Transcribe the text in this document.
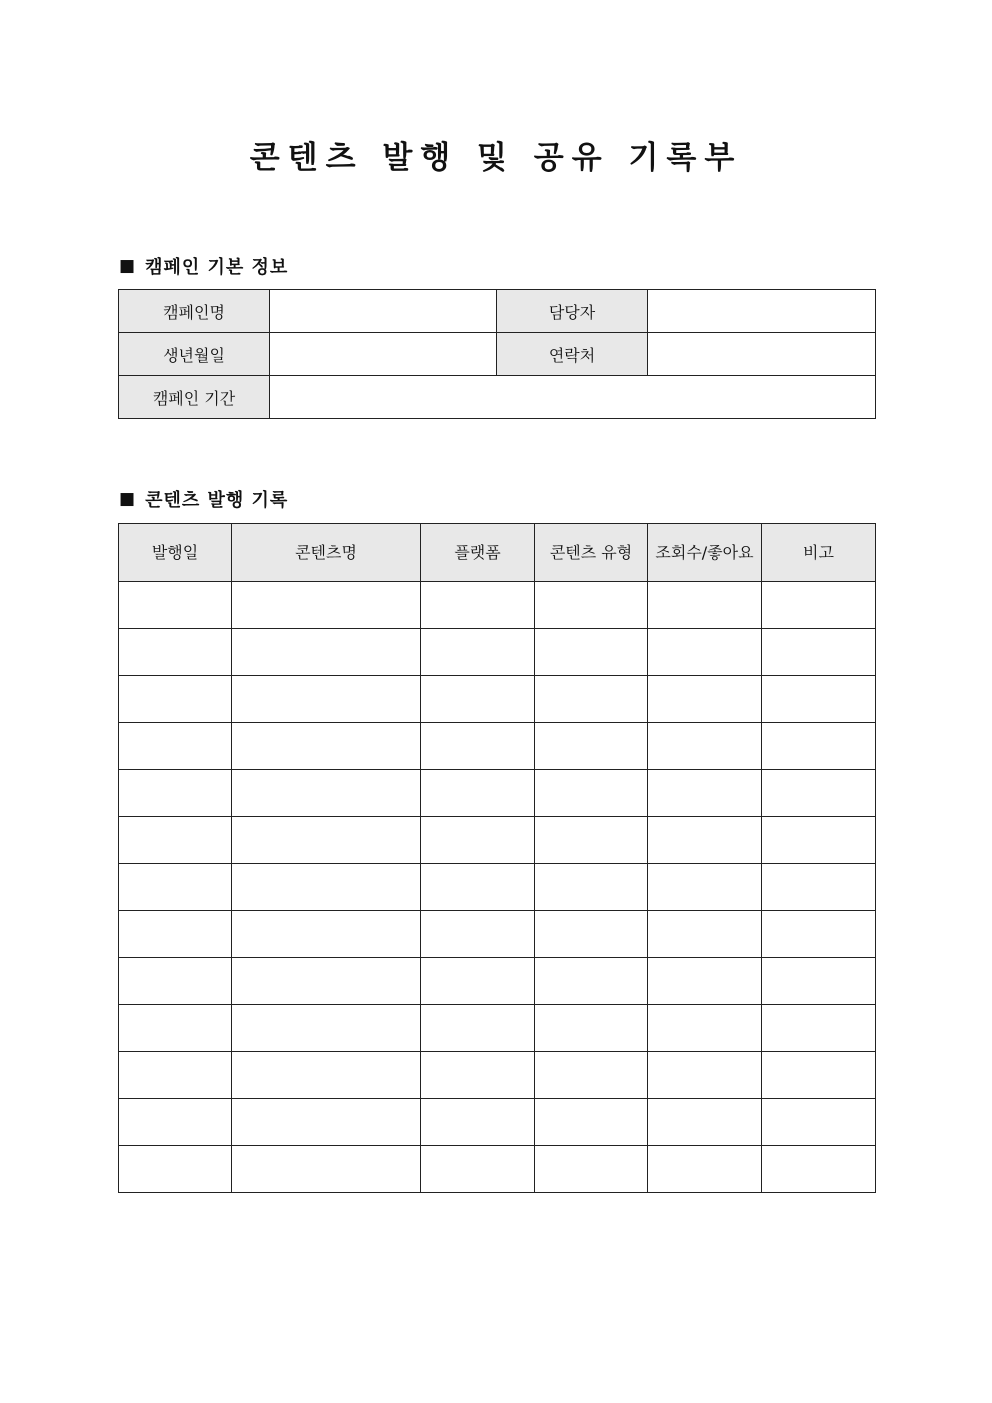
콘텐츠 발행 및 공유 기록부
■ 캠페인 기본 정보
캠페인명		담당자	
생년월일		연락처	
캠페인 기간			
■ 콘텐츠 발행 기록
발행일	콘텐츠명	플랫폼	콘텐츠 유형	조회수/좋아요	비고
